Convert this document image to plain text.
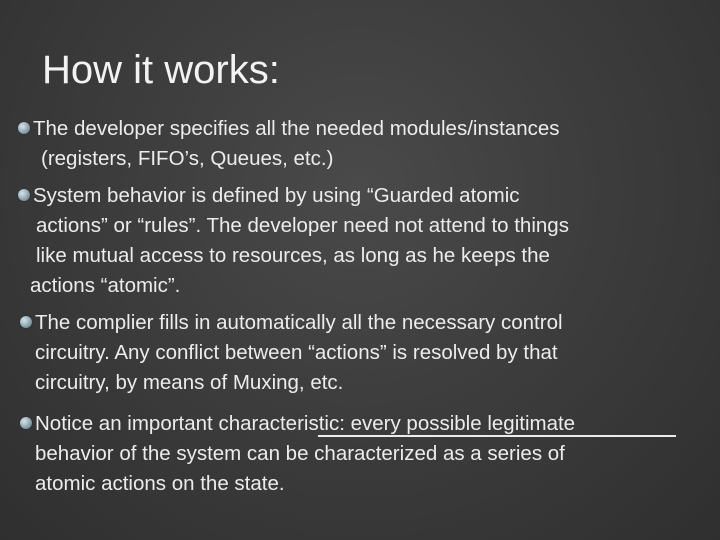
How it works:
The developer specifies all the needed modules/instances
(registers, FIFO’s, Queues, etc.)
System behavior is defined by using “Guarded atomic
actions” or “rules”. The developer need not attend to things
like mutual access to resources, as long as he keeps the
actions “atomic”.
The complier fills in automatically all the necessary control
circuitry. Any conflict between “actions” is resolved by that
circuitry, by means of Muxing, etc.
Notice an important characteristic: every possible legitimate
behavior of the system can be characterized as a series of
atomic actions on the state.
